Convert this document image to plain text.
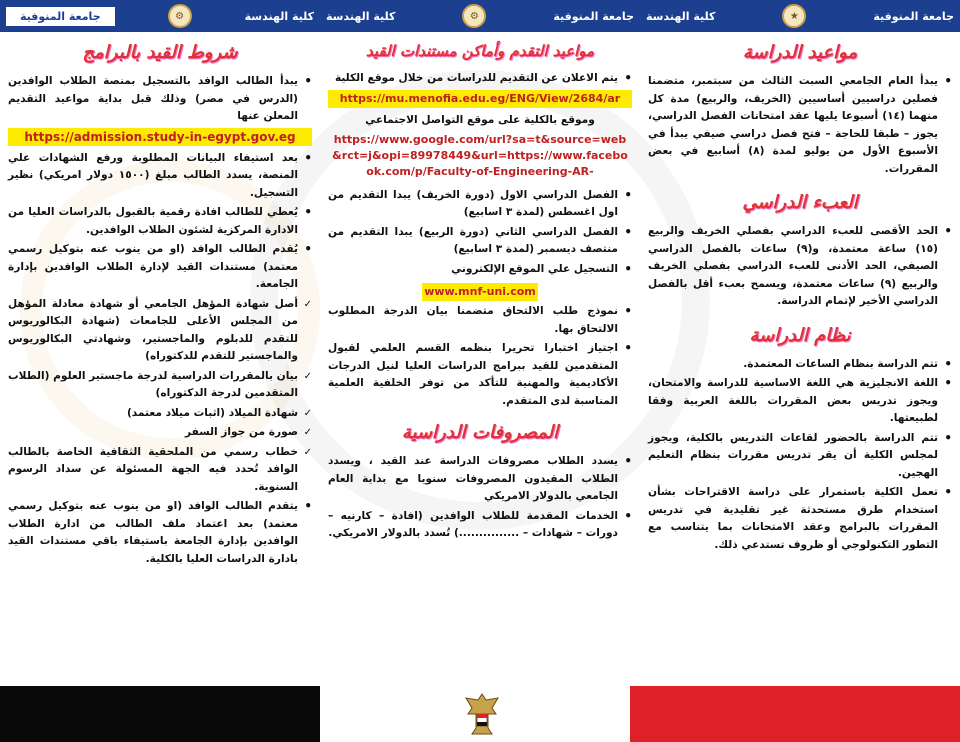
جامعة المنوفية
★
كلية الهندسة
مواعيد الدراسة
• يبدأ العام الجامعي السبت الثالث من سبتمبر، متضمنا فصلين دراسيين أساسيين (الخريف، والربيع) مدة كل منهما (١٤) أسبوعا يليها عقد امتحانات الفصل الدراسي، يجوز – طبقا للحاجة – فتح فصل دراسي صيفي يبدأ في الأسبوع الأول من يوليو لمدة (٨) أسابيع في بعض المقررات.
العبء الدراسي
• الحد الأقصى للعبء الدراسي بفصلي الخريف والربيع (١٥) ساعة معتمدة، و(٩) ساعات بالفصل الدراسي الصيفي، الحد الأدنى للعبء الدراسي بفصلي الخريف والربيع (٩) ساعات معتمدة، ويسمح بعبء أقل بالفصل الدراسي الأخير لإتمام الدراسة.
نظام الدراسة
• تتم الدراسة بنظام الساعات المعتمدة.
• اللغة الانجليزية هي اللغة الاساسية للدراسة والامتحان، ويجوز تدريس بعض المقررات باللغة العربية وفقا لطبيعتها.
• تتم الدراسة بالحضور لقاعات التدريس بالكلية، ويجوز لمجلس الكلية أن يقر تدريس مقررات بنظام التعليم الهجين.
• تعمل الكلية باستمرار على دراسة الاقتراحات بشأن استخدام طرق مستحدثة غير تقليدية في تدريس المقررات بالبرامج وعقد الامتحانات بما يتناسب مع التطور التكنولوجي أو ظروف تستدعي ذلك.
جامعة المنوفية
⚙
كلية الهندسة
مواعيد التقدم وأماكن مستندات القيد
• يتم الاعلان عن التقديم للدراسات من خلال موقع الكلية
https://mu.menofia.edu.eg/ENG/View/2684/ar
وموقع بالكلية على موقع التواصل الاجتماعي
https://www.google.com/url?sa=t&source=web&rct=j&opi=89978449&url=https://www.facebook.com/p/Faculty-of-Engineering-AR-
• الفصل الدراسي الاول (دورة الخريف) يبدا التقديم من اول اغسطس (لمدة ٣ اسابيع)
• الفصل الدراسي الثاني (دورة الربيع) يبدا التقديم من منتصف ديسمبر (لمدة ٣ اسابيع)
• التسجيل علي الموقع الإلكتروني
www.mnf-uni.com
• نموذج طلب الالتحاق متضمنا بيان الدرجة المطلوب الالتحاق بها.
• اجتياز اختبارا تحريرا بنظمه القسم العلمي لقبول المتقدمين للقيد ببرامج الدراسات العليا لنيل الدرجات الأكاديمية والمهنية للتأكد من توفر الخلفية العلمية المناسبة لدى المتقدم.
المصروفات الدراسية
• يسدد الطلاب مصروفات الدراسة عند القيد ، ويسدد الطلاب المقيدون المصروفات سنويا مع بداية العام الجامعي بالدولار الامريكي
• الخدمات المقدمة للطلاب الوافدين (افادة – كارنيه – دورات – شهادات – ...............) تُسدد بالدولار الامريكي.
كلية الهندسة
⚙
جامعة المنوفية
شروط القيد بالبرامج
• يبدأ الطالب الوافد بالتسجيل بمنصة الطلاب الوافدين (الدرس في مصر) وذلك قبل بداية مواعيد التقديم المعلن عنها
https://admission.study-in-egypt.gov.eg
• بعد استيفاء البيانات المطلوبة ورفع الشهادات علي المنصة، يسدد الطالب مبلغ (١٥٠٠ دولار امريكي) نظير التسجيل.
• يُعطي للطالب افادة رقمية بالقبول بالدراسات العليا من الادارة المركزية لشئون الطلاب الوافدين.
• يُقدم الطالب الوافد (او من ينوب عنه بتوكيل رسمي معتمد) مستندات القيد لإدارة الطلاب الوافدين بإدارة الجامعة.
✓ أصل شهادة المؤهل الجامعي أو شهادة معادلة المؤهل من المجلس الأعلى للجامعات (شهادة البكالوريوس للتقدم للدبلوم والماجستير، وشهادتي البكالوريوس والماجستير للتقدم للدكتوراه)
✓ بيان بالمقررات الدراسية لدرجة ماجستير العلوم (الطلاب المتقدمين لدرجة الدكتوراه)
✓ شهادة الميلاد (اثبات ميلاد معتمد)
✓ صورة من جواز السفر
✓ خطاب رسمي من الملحقية الثقافية الخاصة بالطالب الوافد تُحدد فيه الجهة المسئولة عن سداد الرسوم السنوية.
• يتقدم الطالب الوافد (او من ينوب عنه بتوكيل رسمي معتمد) بعد اعتماد ملف الطالب من ادارة الطلاب الوافدين بإدارة الجامعة باستيفاء باقي مستندات القيد بادارة الدراسات العليا بالكلية.
